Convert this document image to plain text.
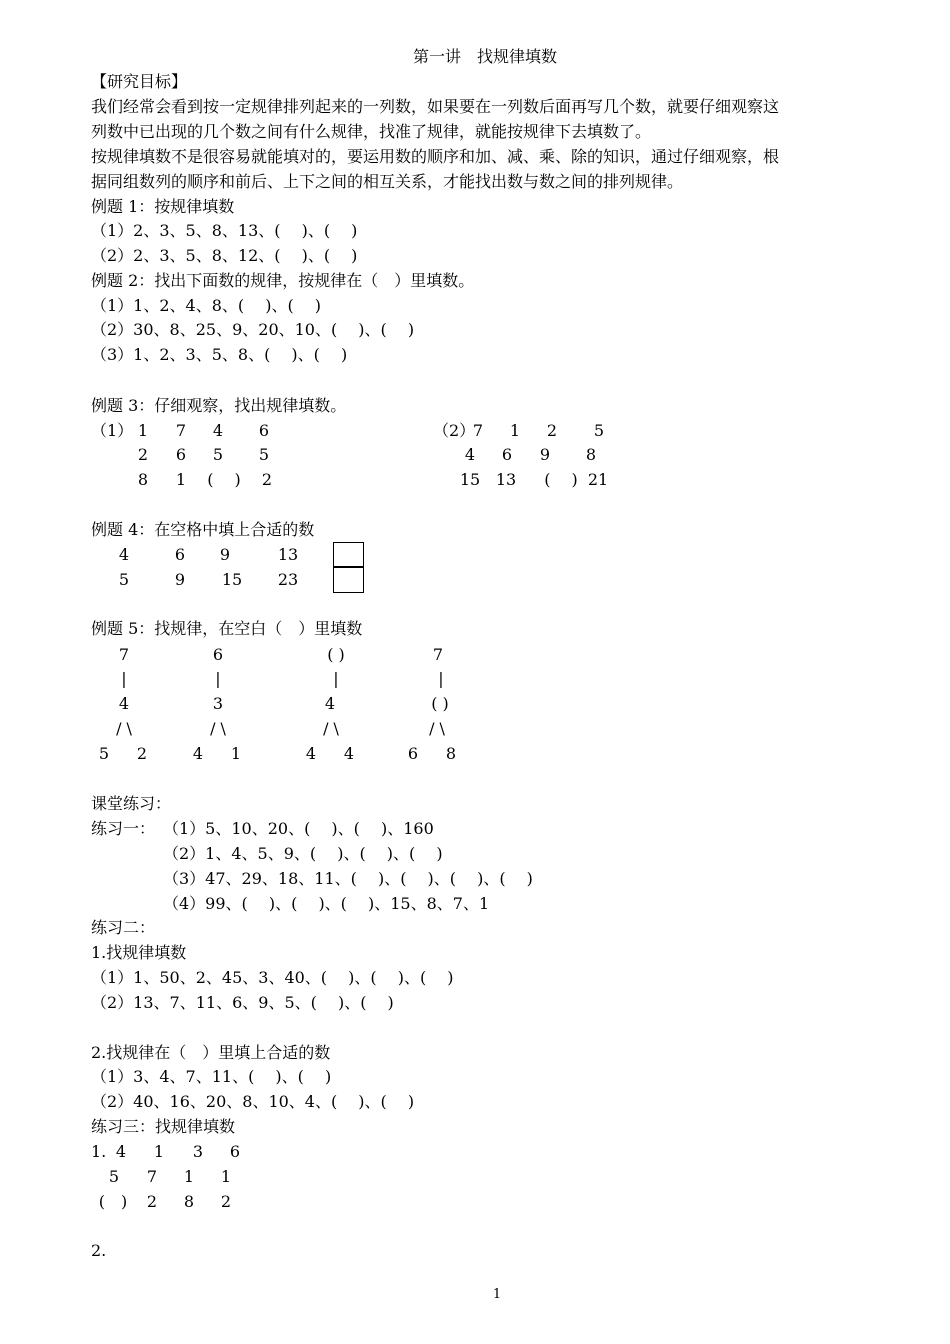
第一讲　找规律填数
【研究目标】
我们经常会看到按一定规律排列起来的一列数，如果要在一列数后面再写几个数，就要仔细观察这
列数中已出现的几个数之间有什么规律，找准了规律，就能按规律下去填数了。
按规律填数不是很容易就能填对的，要运用数的顺序和加、减、乘、除的知识，通过仔细观察，根
据同组数列的顺序和前后、上下之间的相互关系，才能找出数与数之间的排列规律。
例题 1：按规律填数
（1）2、3、5、8、13、(　 )、(　 )
（2）2、3、5、8、12、(　 )、(　 )
例题 2：找出下面数的规律，按规律在（　）里填数。
（1）1、2、4、8、(　 )、(　 )
（2）30、8、25、9、20、10、(　 )、(　 )
（3）1、2、3、5、8、(　 )、(　 )
例题 3：仔细观察，找出规律填数。
（1） 1	7	4	6
2	6	5	5
8	1	(　 )	2
（2）
7	1	2	5
4	6	9	8
15 13	(　 ) 21
例题 4：在空格中填上合适的数
4	6	9	13
5	9	15	23
例题 5：找规律，在空白（　）里填数
7
|
4
/ \
5	2
6
|
3
/ \
4	1
( )
|
4
/ \
4	4
7
|
( )
/ \
6	8
课堂练习：
练习一： （1）5、10、20、(　 )、(　 )、160
（2）1、4、5、9、(　 )、(　 )、(　 )
（3）47、29、18、11、(　 )、(　 )、(　 )、(　 )
（4）99、(　 )、(　 )、(　 )、15、8、7、1
练习二：
1.找规律填数
（1）1、50、2、45、3、40、(　 )、(　 )、(　 )
（2）13、7、11、6、9、5、(　 )、(　 )
2.找规律在（　）里填上合适的数
（1）3、4、7、11、(　 )、(　 )
（2）40、16、20、8、10、4、(　 )、(　 )
练习三：找规律填数
1. 4	1	3	6
5	7	1	1
(　)	2	8	2
2.
1
